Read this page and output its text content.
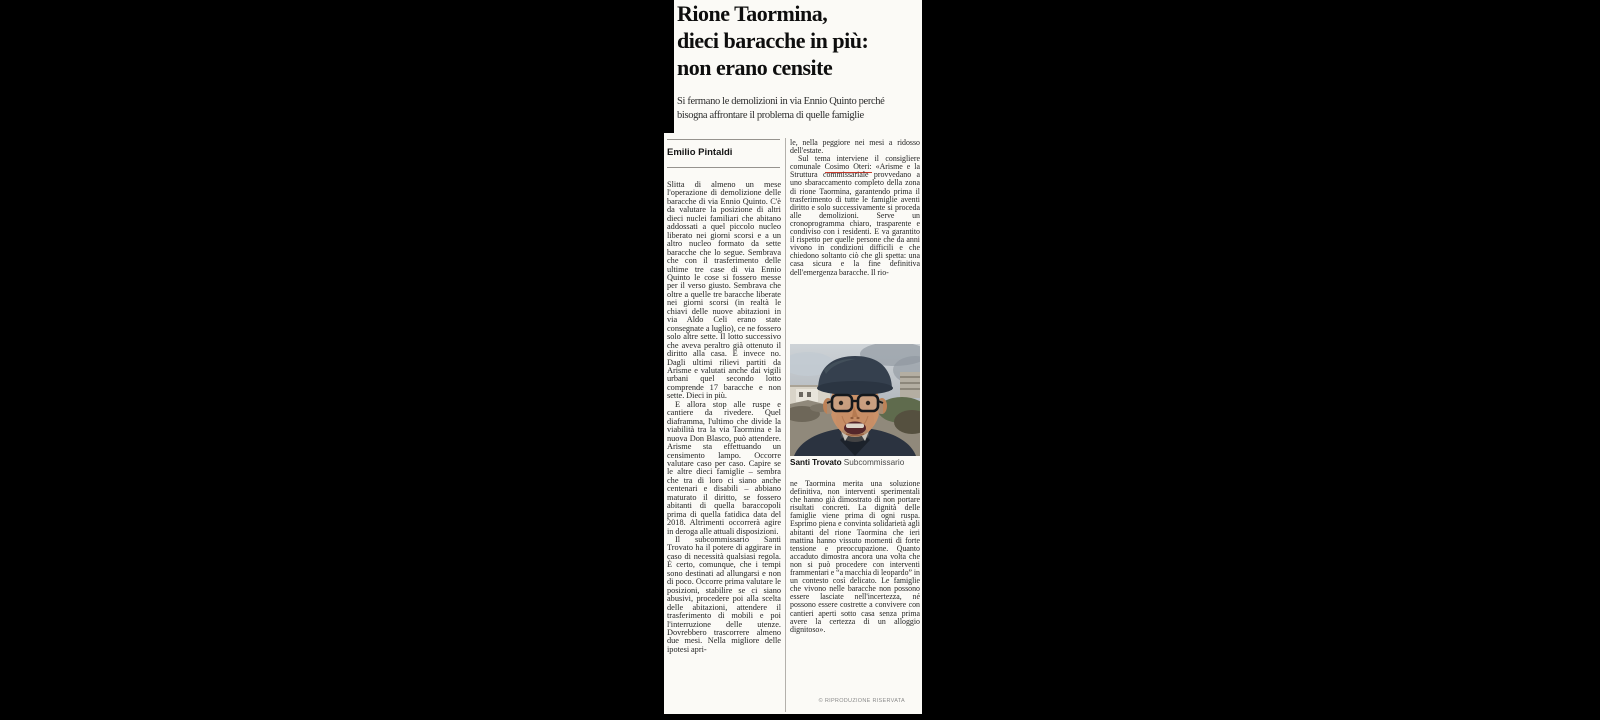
Rione Taormina,
dieci baracche in più:
non erano censite
Si fermano le demolizioni in via Ennio Quinto perché
bisogna affrontare il problema di quelle famiglie
Emilio Pintaldi

Slitta di almeno un mese l'operazione di demolizione delle baracche di via Ennio Quinto. C'è da valutare la posizione di altri dieci nuclei familiari che abitano addossati a quel piccolo nucleo liberato nei giorni scorsi e a un altro nucleo formato da sette baracche che lo segue. Sembrava che con il trasferimento delle ultime tre case di via Ennio Quinto le cose si fossero messe per il verso giusto. Sembrava che oltre a quelle tre baracche liberate nei giorni scorsi (in realtà le chiavi delle nuove abitazioni in via Aldo Celi erano state consegnate a luglio), ce ne fossero solo altre sette. Il lotto successivo che aveva peraltro già ottenuto il diritto alla casa. E invece no. Dagli ultimi rilievi partiti da Arisme e valutati anche dai vigili urbani quel secondo lotto comprende 17 baracche e non sette. Dieci in più.

E allora stop alle ruspe e cantiere da rivedere. Quel diaframma, l'ultimo che divide la viabilità tra la via Taormina e la nuova Don Blasco, può attendere. Arisme sta effettuando un censimento lampo. Occorre valutare caso per caso. Capire se le altre dieci famiglie – sembra che tra di loro ci siano anche centenari e disabili – abbiano maturato il diritto, se fossero abitanti di quella baraccopoli prima di quella fatidica data del 2018. Altrimenti occorrerà agire in deroga alle attuali disposizioni.

Il subcommissario Santi Trovato ha il potere di aggirare in caso di necessità qualsiasi regola. È certo, comunque, che i tempi sono destinati ad allungarsi e non di poco. Occorre prima valutare le posizioni, stabilire se ci siano abusivi, procedere poi alla scelta delle abitazioni, attendere il trasferimento di mobili e poi l'interruzione delle utenze. Dovrebbero trascorrere almeno due mesi. Nella migliore delle ipotesi apri-

le, nella peggiore nei mesi a ridosso dell'estate.

Sul tema interviene il consigliere comunale Cosimo Oteri: «Arisme e la Struttura commissariale provvedano a uno sbaraccamento completo della zona di rione Taormina, garantendo prima il trasferimento di tutte le famiglie aventi diritto e solo successivamente si proceda alle demolizioni. Serve un cronoprogramma chiaro, trasparente e condiviso con i residenti. E va garantito il rispetto per quelle persone che da anni vivono in condizioni difficili e che chiedono soltanto ciò che gli spetta: una casa sicura e la fine definitiva dell'emergenza baracche. Il rio-

Santi Trovato Subcommissario

ne Taormina merita una soluzione definitiva, non interventi sperimentali che hanno già dimostrato di non portare risultati concreti. La dignità delle famiglie viene prima di ogni ruspa. Esprimo piena e convinta solidarietà agli abitanti del rione Taormina che ieri mattina hanno vissuto momenti di forte tensione e preoccupazione. Quanto accaduto dimostra ancora una volta che non si può procedere con interventi frammentari e “a macchia di leopardo” in un contesto così delicato. Le famiglie che vivono nelle baracche non possono essere lasciate nell'incertezza, né possono essere costrette a convivere con cantieri aperti sotto casa senza prima avere la certezza di un alloggio dignitoso».

© RIPRODUZIONE RISERVATA
